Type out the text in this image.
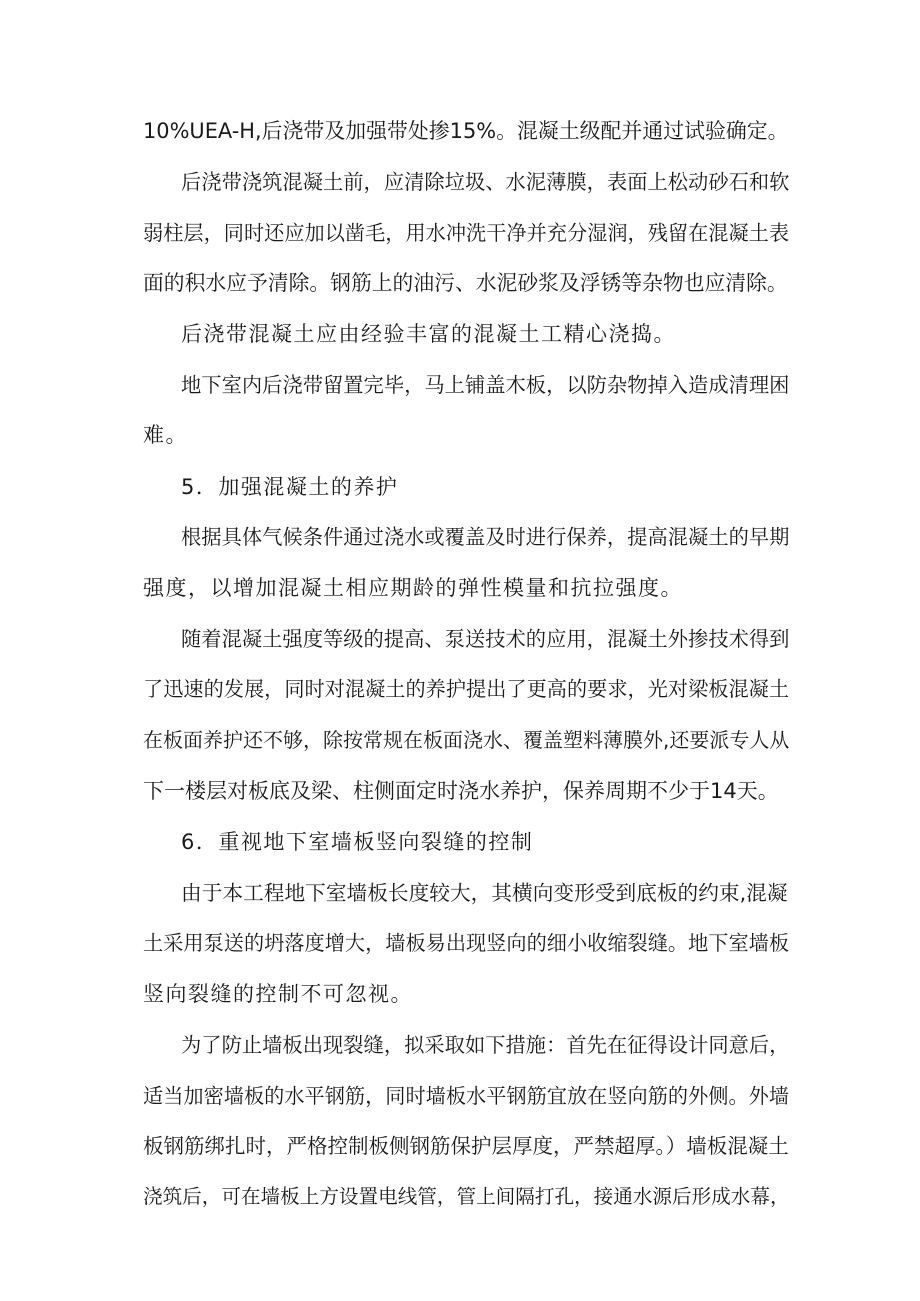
10%UEA-H,后浇带及加强带处掺15%。混凝土级配并通过试验确定。
后浇带浇筑混凝土前，应清除垃圾、水泥薄膜，表面上松动砂石和软
弱柱层，同时还应加以凿毛，用水冲洗干净并充分湿润，残留在混凝土表
面的积水应予清除。钢筋上的油污、水泥砂浆及浮锈等杂物也应清除。
后浇带混凝土应由经验丰富的混凝土工精心浇捣。
地下室内后浇带留置完毕，马上铺盖木板，以防杂物掉入造成清理困
难。
5．加强混凝土的养护
根据具体气候条件通过浇水或覆盖及时进行保养，提高混凝土的早期
强度，以增加混凝土相应期龄的弹性模量和抗拉强度。
随着混凝土强度等级的提高、泵送技术的应用，混凝土外掺技术得到
了迅速的发展，同时对混凝土的养护提出了更高的要求，光对梁板混凝土
在板面养护还不够，除按常规在板面浇水、覆盖塑料薄膜外,还要派专人从
下一楼层对板底及梁、柱侧面定时浇水养护，保养周期不少于14天。
6．重视地下室墙板竖向裂缝的控制
由于本工程地下室墙板长度较大，其横向变形受到底板的约束,混凝
土采用泵送的坍落度增大，墙板易出现竖向的细小收缩裂缝。地下室墙板
竖向裂缝的控制不可忽视。
为了防止墙板出现裂缝，拟采取如下措施：首先在征得设计同意后，
适当加密墙板的水平钢筋，同时墙板水平钢筋宜放在竖向筋的外侧。外墙
板钢筋绑扎时，严格控制板侧钢筋保护层厚度，严禁超厚。）墙板混凝土
浇筑后，可在墙板上方设置电线管，管上间隔打孔，接通水源后形成水幕，
